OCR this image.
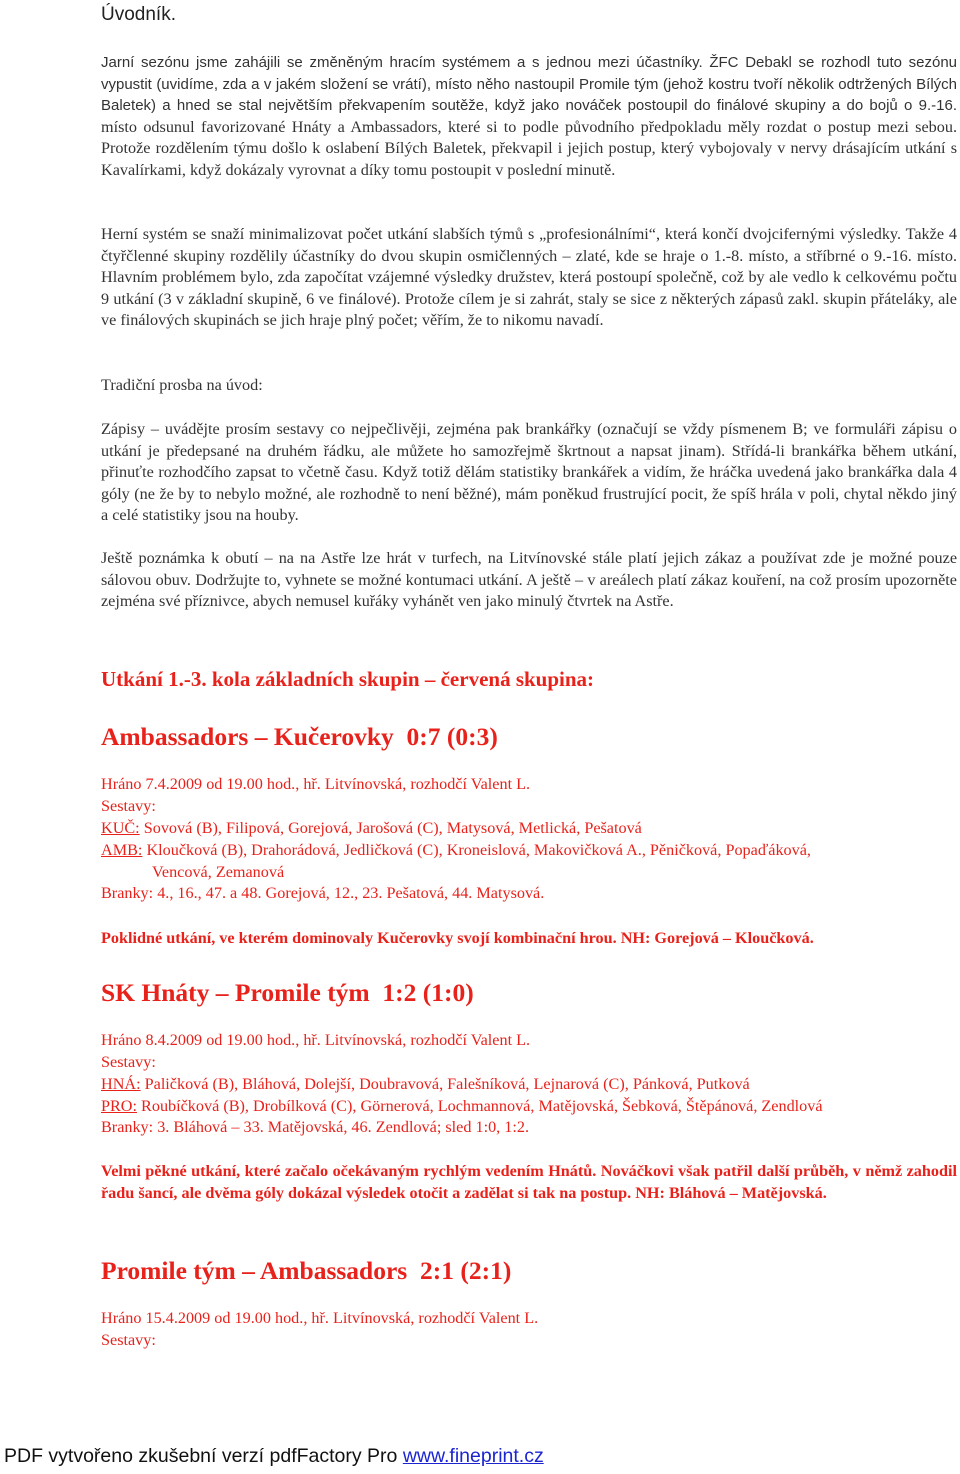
Úvodník.

Jarní sezónu jsme zahájili se změněným hracím systémem a s jednou mezi účastníky. ŽFC Debakl se rozhodl tuto sezónu vypustit (uvidíme, zda a v jakém složení se vrátí), místo něho nastoupil Promile tým (jehož kostru tvoří několik odtržených Bílých Baletek) a hned se stal největším překvapením soutěže, když jako nováček postoupil do finálové skupiny a do bojů o 9.-16. místo odsunul favorizované Hnáty a Ambassadors, které si to podle původního předpokladu měly rozdat o postup mezi sebou. Protože rozdělením týmu došlo k oslabení Bílých Baletek, překvapil i jejich postup, který vybojovaly v nervy drásajícím utkání s Kavalírkami, když dokázaly vyrovnat a díky tomu postoupit v poslední minutě.

Herní systém se snaží minimalizovat počet utkání slabších týmů s „profesionálními“, která končí dvojcifernými výsledky. Takže 4 čtyřčlenné skupiny rozdělily účastníky do dvou skupin osmičlenných – zlaté, kde se hraje o 1.-8. místo, a stříbrné o 9.-16. místo. Hlavním problémem bylo, zda započítat vzájemné výsledky družstev, která postoupí společně, což by ale vedlo k celkovému počtu 9 utkání (3 v základní skupině, 6 ve finálové). Protože cílem je si zahrát, staly se sice z některých zápasů zakl. skupin přáteláky, ale ve finálových skupinách se jich hraje plný počet; věřím, že to nikomu navadí.

Tradiční prosba na úvod:

Zápisy – uvádějte prosím sestavy co nejpečlivěji, zejména pak brankářky (označují se vždy písmenem B; ve formuláři zápisu o utkání je předepsané na druhém řádku, ale můžete ho samozřejmě škrtnout a napsat jinam). Střídá-li brankářka během utkání, přinuťte rozhodčího zapsat to včetně času. Když totiž dělám statistiky brankářek a vidím, že hráčka uvedená jako brankářka dala 4 góly (ne že by to nebylo možné, ale rozhodně to není běžné), mám poněkud frustrující pocit, že spíš hrála v poli, chytal někdo jiný a celé statistiky jsou na houby.

Ještě poznámka k obutí – na na Astře lze hrát v turfech, na Litvínovské stále platí jejich zákaz a používat zde je možné pouze sálovou obuv. Dodržujte to, vyhnete se možné kontumaci utkání. A ještě – v areálech platí zákaz kouření, na což prosím upozorněte zejména své příznivce, abych nemusel kuřáky vyhánět ven jako minulý čtvrtek na Astře.

Utkání 1.-3. kola základních skupin – červená skupina:
Ambassadors – Kučerovky  0:7 (0:3)

Hráno 7.4.2009 od 19.00 hod., hř. Litvínovská, rozhodčí Valent L.

Sestavy:

KUČ: Sovová (B), Filipová, Gorejová, Jarošová (C), Matysová, Metlická, Pešatová

AMB: Kloučková (B), Drahorádová, Jedličková (C), Kroneislová, Makovičková A., Pěničková, Popaďáková,
Vencová, Zemanová

Branky: 4., 16., 47. a 48. Gorejová, 12., 23. Pešatová, 44. Matysová.

Poklidné utkání, ve kterém dominovaly Kučerovky svojí kombinační hrou. NH: Gorejová – Kloučková.

SK Hnáty – Promile tým  1:2 (1:0)

Hráno 8.4.2009 od 19.00 hod., hř. Litvínovská, rozhodčí Valent L.

Sestavy:

HNÁ: Paličková (B), Bláhová, Dolejší, Doubravová, Falešníková, Lejnarová (C), Pánková, Putková

PRO: Roubíčková (B), Drobílková (C), Görnerová, Lochmannová, Matějovská, Šebková, Štěpánová, Zendlová

Branky: 3. Bláhová – 33. Matějovská, 46. Zendlová; sled 1:0, 1:2.

Velmi pěkné utkání, které začalo očekávaným rychlým vedením Hnátů. Nováčkovi však patřil další průběh, v němž zahodil řadu šancí, ale dvěma góly dokázal výsledek otočit a zadělat si tak na postup. NH: Bláhová – Matějovská.

Promile tým – Ambassadors  2:1 (2:1)

Hráno 15.4.2009 od 19.00 hod., hř. Litvínovská, rozhodčí Valent L.

Sestavy:

PDF vytvořeno zkušební verzí pdfFactory Pro www.fineprint.cz
